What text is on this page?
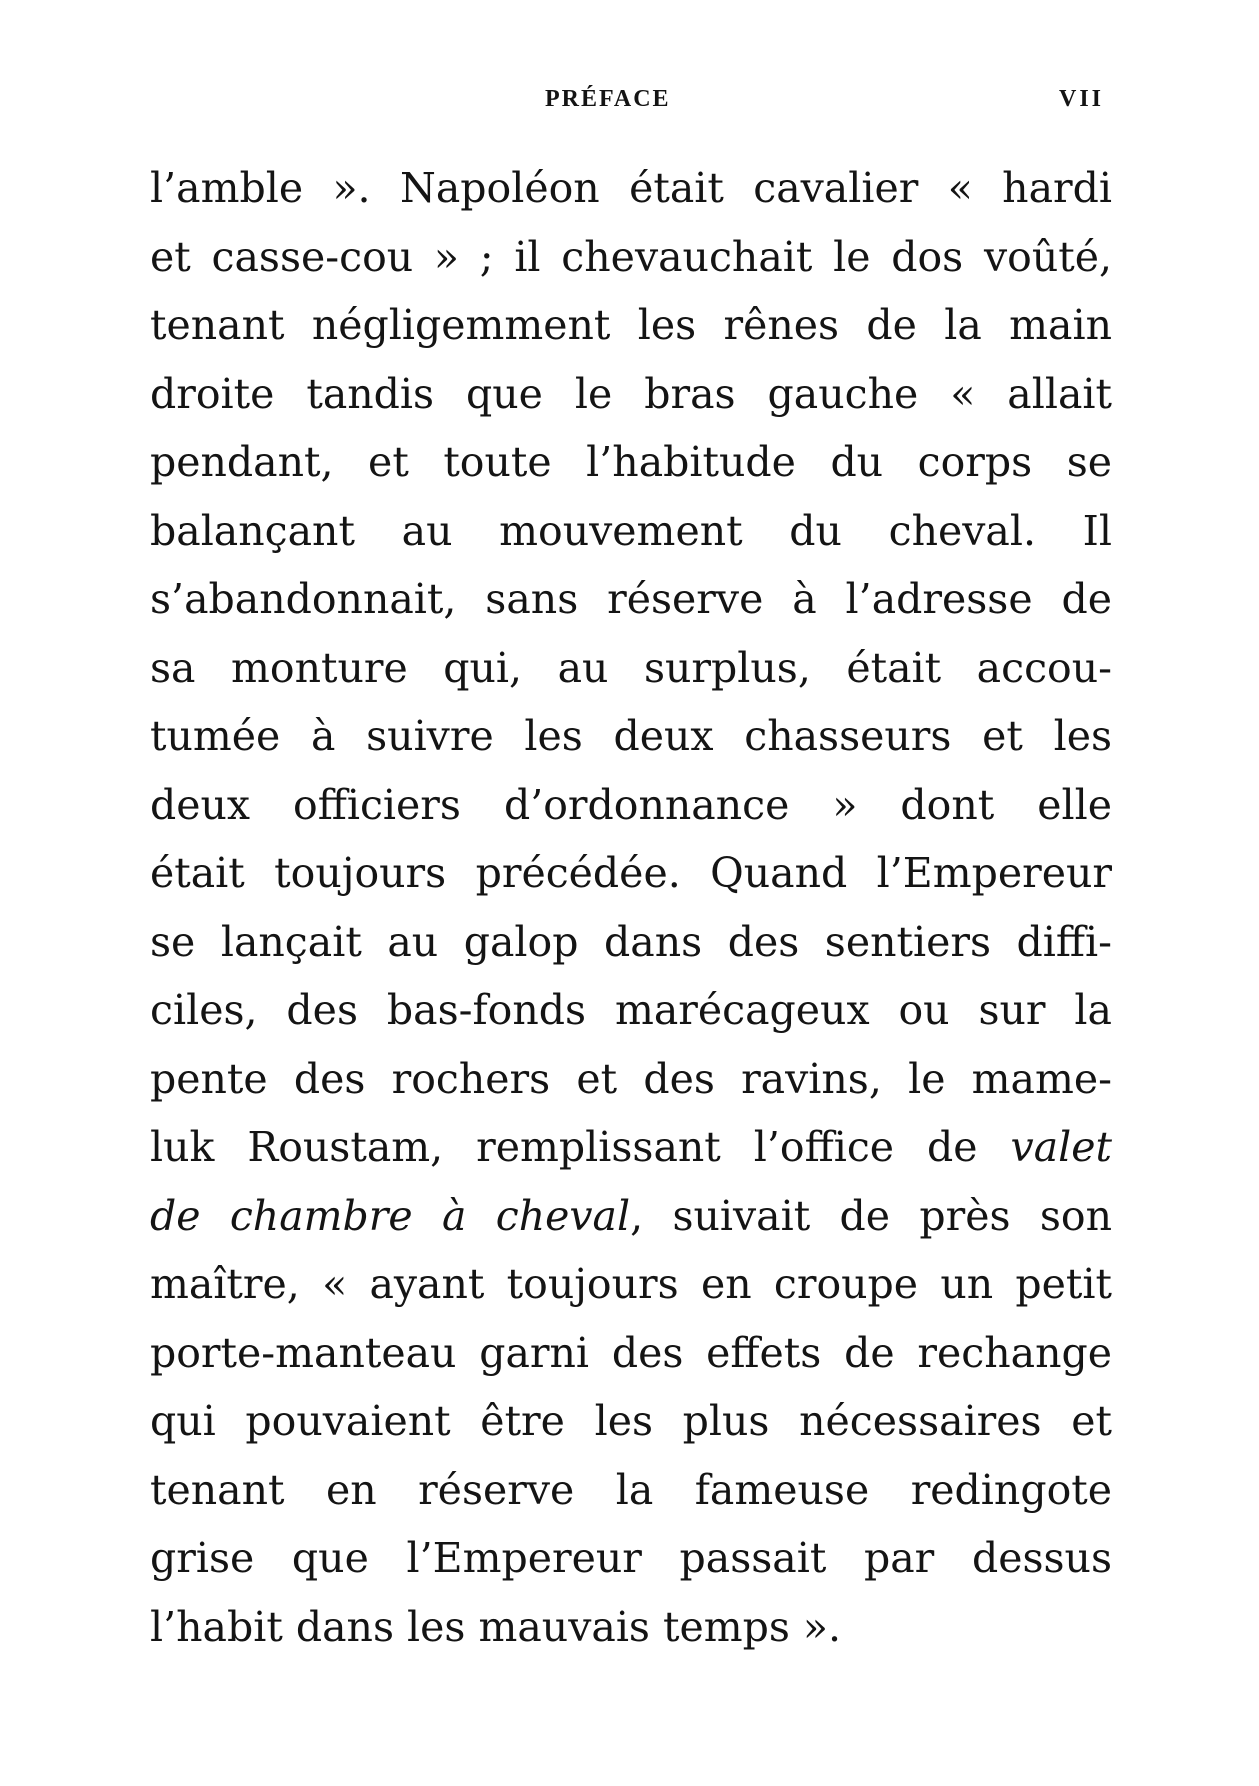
PRÉFACE	VII
l’amble ». Napoléon était cavalier « hardi
et casse-cou » ; il chevauchait le dos voûté,
tenant négligemment les rênes de la main
droite tandis que le bras gauche « allait
pendant, et toute l’habitude du corps se
balançant au mouvement du cheval. Il
s’abandonnait, sans réserve à l’adresse de
sa monture qui, au surplus, était accou-
tumée à suivre les deux chasseurs et les
deux officiers d’ordonnance » dont elle
était toujours précédée. Quand l’Empereur
se lançait au galop dans des sentiers diffi-
ciles, des bas-fonds marécageux ou sur la
pente des rochers et des ravins, le mame-
luk Roustam, remplissant l’office de valet
de chambre à cheval, suivait de près son
maître, « ayant toujours en croupe un petit
porte-manteau garni des effets de rechange
qui pouvaient être les plus nécessaires et
tenant en réserve la fameuse redingote
grise que l’Empereur passait par dessus
l’habit dans les mauvais temps ».
